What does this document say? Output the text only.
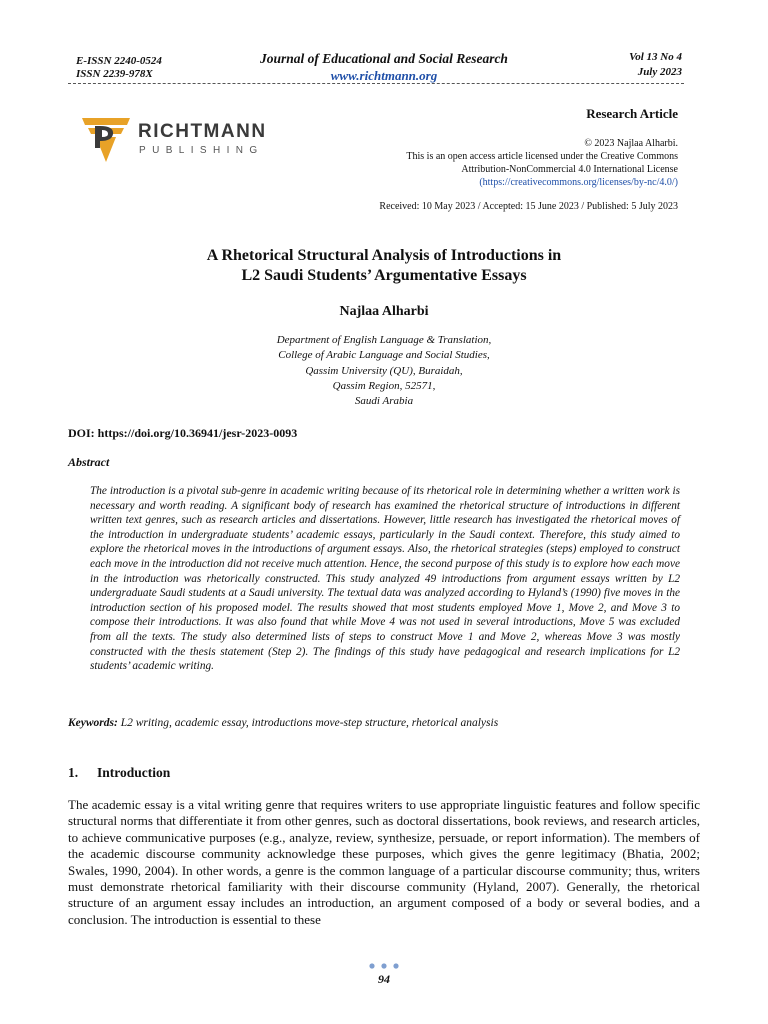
E-ISSN 2240-0524
ISSN 2239-978X
Journal of Educational and Social Research
www.richtmann.org
Vol 13 No 4
July 2023
RICHTMANN
PUBLISHING
Research Article
© 2023 Najlaa Alharbi.
This is an open access article licensed under the Creative Commons
Attribution-NonCommercial 4.0 International License
(https://creativecommons.org/licenses/by-nc/4.0/)
Received: 10 May 2023 / Accepted: 15 June 2023 / Published: 5 July 2023
A Rhetorical Structural Analysis of Introductions in
L2 Saudi Students’ Argumentative Essays
Najlaa Alharbi
Department of English Language & Translation,
College of Arabic Language and Social Studies,
Qassim University (QU), Buraidah,
Qassim Region, 52571,
Saudi Arabia
DOI: https://doi.org/10.36941/jesr-2023-0093
Abstract
The introduction is a pivotal sub-genre in academic writing because of its rhetorical role in determining whether a written work is necessary and worth reading. A significant body of research has examined the rhetorical structure of introductions in different written text genres, such as research articles and dissertations. However, little research has investigated the rhetorical moves of the introduction in undergraduate students’ academic essays, particularly in the Saudi context. Therefore, this study aimed to explore the rhetorical moves in the introductions of argument essays. Also, the rhetorical strategies (steps) employed to construct each move in the introduction did not receive much attention. Hence, the second purpose of this study is to explore how each move in the introduction was rhetorically constructed. This study analyzed 49 introductions from argument essays written by L2 undergraduate Saudi students at a Saudi university. The textual data was analyzed according to Hyland’s (1990) five moves in the introduction section of his proposed model. The results showed that most students employed Move 1, Move 2, and Move 3 to compose their introductions. It was also found that while Move 4 was not used in several introductions, Move 5 was excluded from all the texts. The study also determined lists of steps to construct Move 1 and Move 2, whereas Move 3 was mostly constructed with the thesis statement (Step 2). The findings of this study have pedagogical and research implications for L2 students’ academic writing.
Keywords: L2 writing, academic essay, introductions move-step structure, rhetorical analysis
1. Introduction
The academic essay is a vital writing genre that requires writers to use appropriate linguistic features and follow specific structural norms that differentiate it from other genres, such as doctoral dissertations, book reviews, and research articles, to achieve communicative purposes (e.g., analyze, review, synthesize, persuade, or report information). The members of the academic discourse community acknowledge these purposes, which gives the genre legitimacy (Bhatia, 2002; Swales, 1990, 2004). In other words, a genre is the common language of a particular discourse community; thus, writers must demonstrate rhetorical familiarity with their discourse community (Hyland, 2007). Generally, the rhetorical structure of an argument essay includes an introduction, an argument composed of a body or several bodies, and a conclusion. The introduction is essential to these
94
